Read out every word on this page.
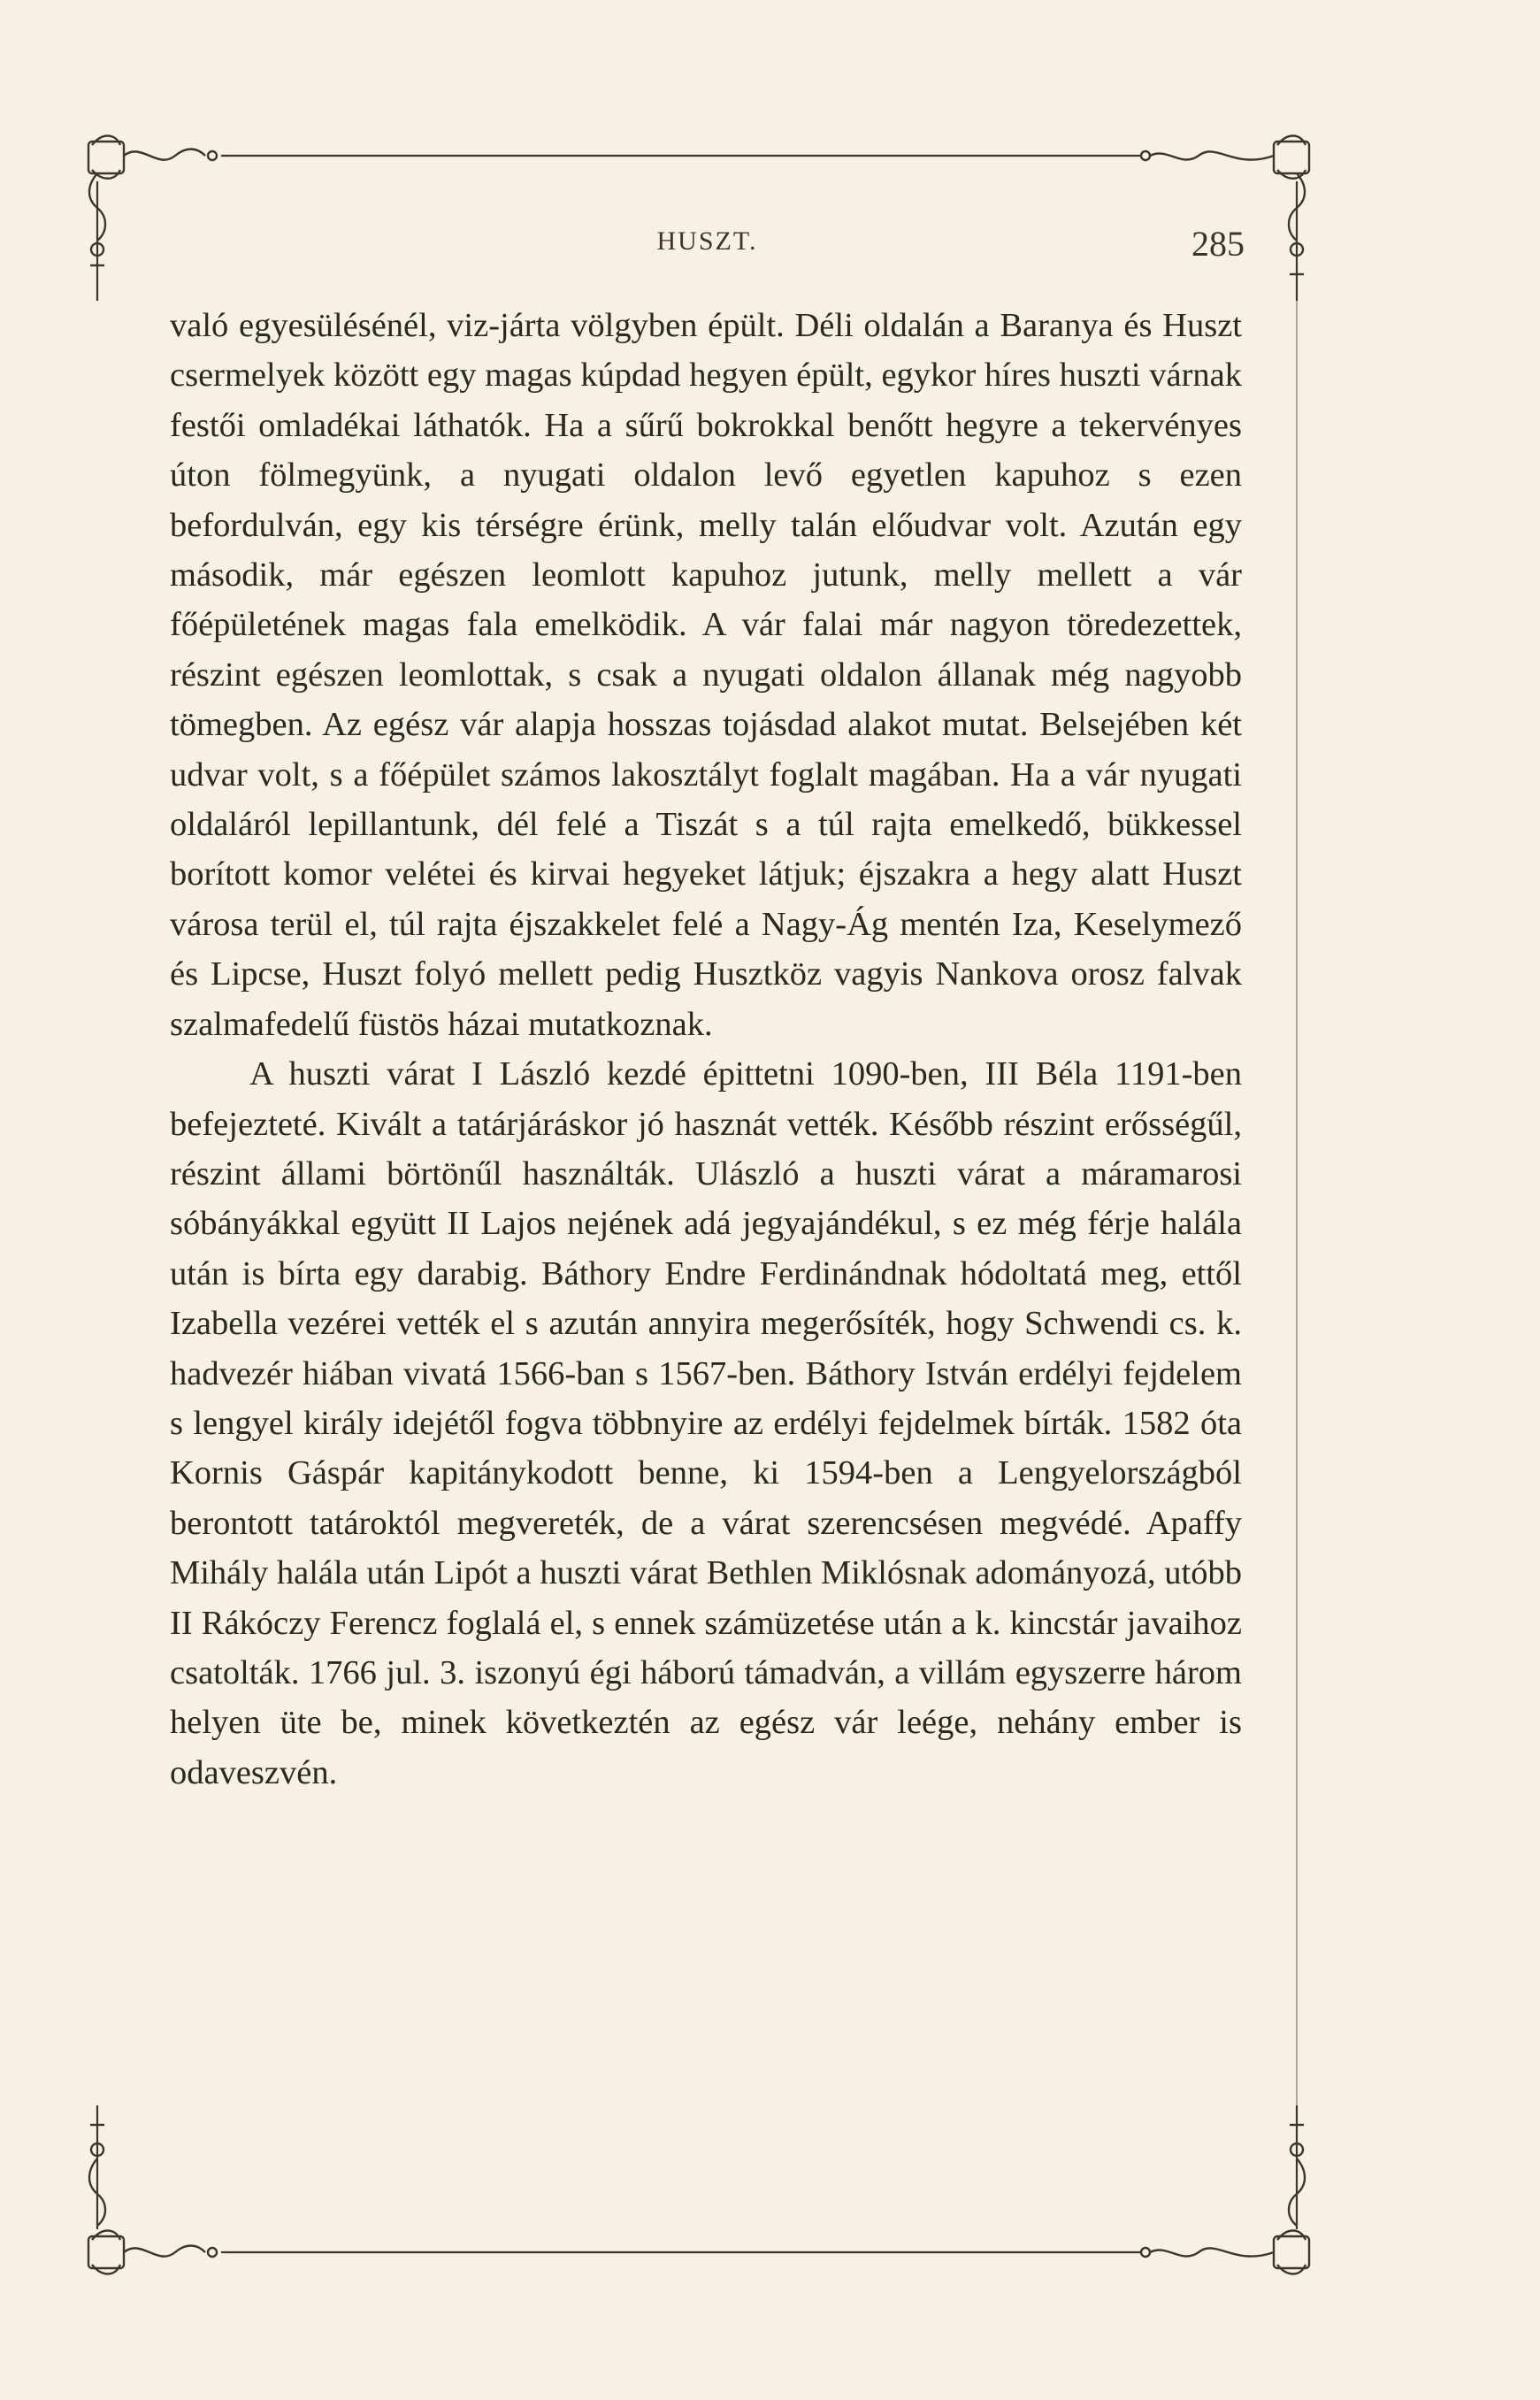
HUSZT.	285

való egyesülésénél, viz-járta völgyben épült. Déli oldalán a Baranya és Huszt csermelyek között egy magas kúpdad hegyen épült, egykor híres huszti várnak festői omladékai láthatók. Ha a sűrű bokrokkal benőtt hegyre a tekervényes úton fölmegyünk, a nyugati oldalon levő egyetlen kapuhoz s ezen befordulván, egy kis térségre érünk, melly talán előudvar volt. Azután egy második, már egészen leomlott kapuhoz jutunk, melly mellett a vár főépületének magas fala emelködik. A vár falai már nagyon töredezettek, részint egészen leomlottak, s csak a nyugati oldalon állanak még nagyobb tömegben. Az egész vár alapja hosszas tojásdad alakot mutat. Belsejében két udvar volt, s a főépület számos lakosztályt foglalt magában. Ha a vár nyugati oldaláról lepillantunk, dél felé a Tiszát s a túl rajta emelkedő, bükkessel borított komor velétei és kirvai hegyeket látjuk; éjszakra a hegy alatt Huszt városa terül el, túl rajta éjszakkelet felé a Nagy-Ág mentén Iza, Keselymező és Lipcse, Huszt folyó mellett pedig Husztköz vagyis Nankova orosz falvak szalmafedelű füstös házai mutatkoznak.

A huszti várat I László kezdé épittetni 1090-ben, III Béla 1191-ben befejezteté. Kivált a tatárjáráskor jó hasznát vették. Később részint erősségűl, részint állami börtönűl használták. Ulászló a huszti várat a máramarosi sóbányákkal együtt II Lajos nejének adá jegyajándékul, s ez még férje halála után is bírta egy darabig. Báthory Endre Ferdinándnak hódoltatá meg, ettől Izabella vezérei vették el s azután annyira megerősíték, hogy Schwendi cs. k. hadvezér hiában vivatá 1566-ban s 1567-ben. Báthory István erdélyi fejdelem s lengyel király idejétől fogva többnyire az erdélyi fejdelmek bírták. 1582 óta Kornis Gáspár kapitánykodott benne, ki 1594-ben a Lengyelországból berontott tatároktól megvereték, de a várat szerencsésen megvédé. Apaffy Mihály halála után Lipót a huszti várat Bethlen Miklósnak adományozá, utóbb II Rákóczy Ferencz foglalá el, s ennek számüzetése után a k. kincstár javaihoz csatolták. 1766 jul. 3. iszonyú égi háború támadván, a villám egyszerre három helyen üte be, minek következtén az egész vár leége, nehány ember is odaveszvén.
